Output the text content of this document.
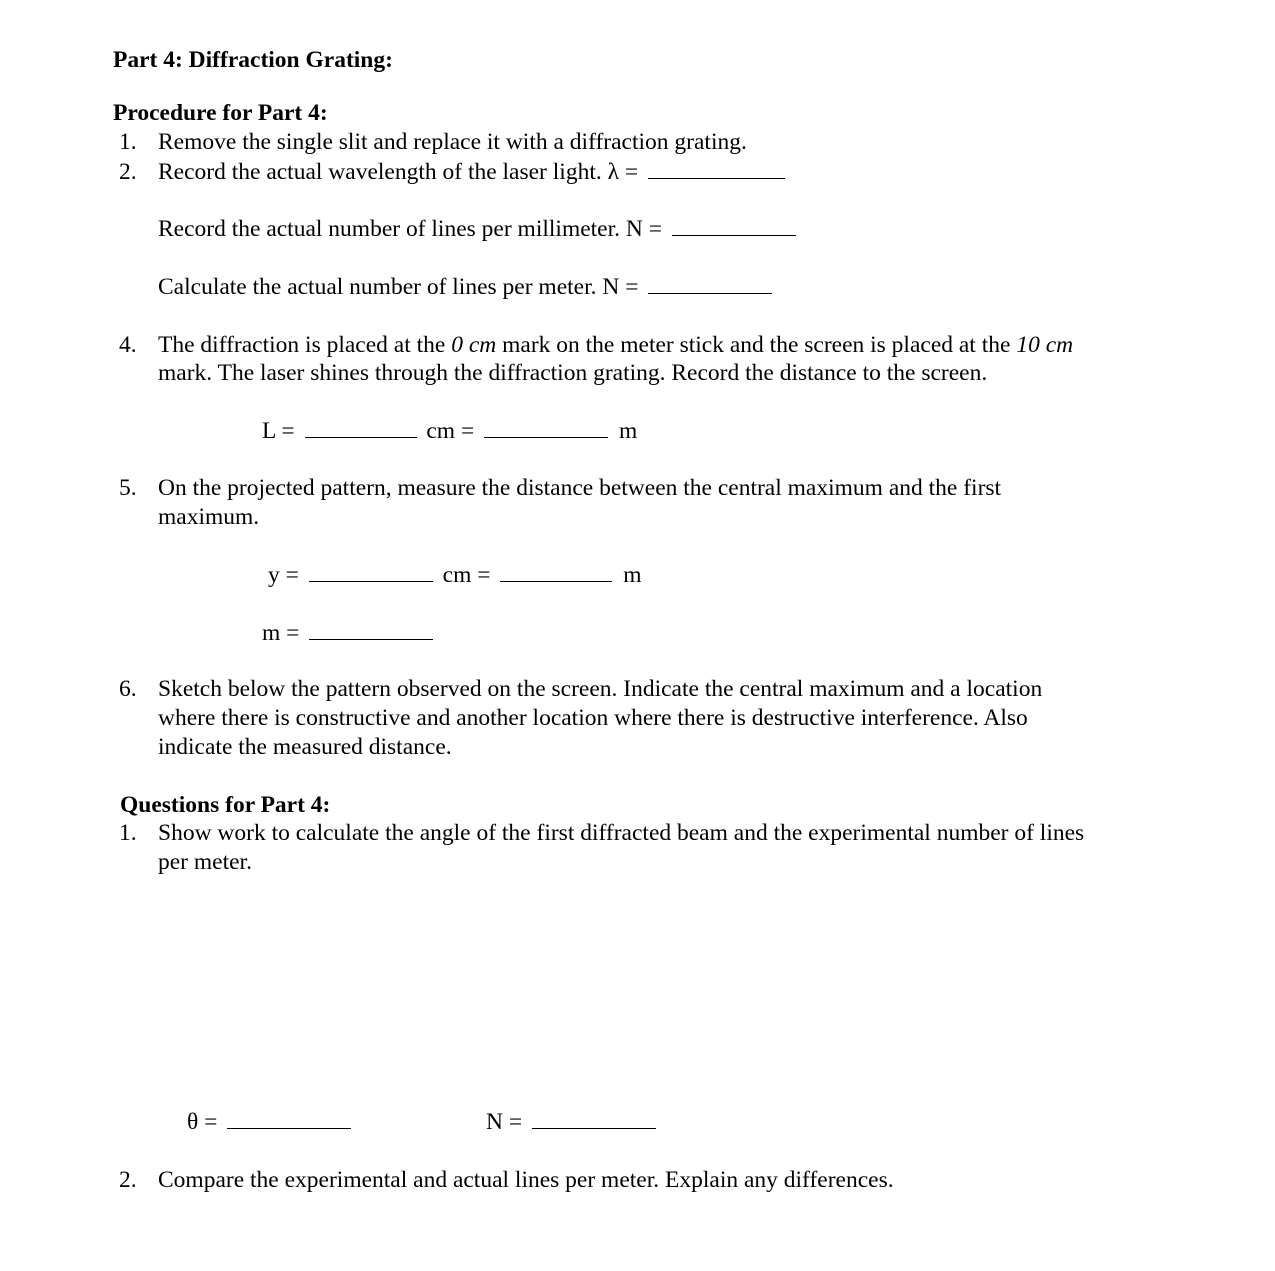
Part 4: Diffraction Grating:
Procedure for Part 4:
1. Remove the single slit and replace it with a diffraction grating.
2. Record the actual wavelength of the laser light. λ =
Record the actual number of lines per millimeter. N =
Calculate the actual number of lines per meter. N =
4. The diffraction is placed at the 0 cm mark on the meter stick and the screen is placed at the 10 cm
mark. The laser shines through the diffraction grating. Record the distance to the screen.
L =	cm =	m
5. On the projected pattern, measure the distance between the central maximum and the first
maximum.
y =	cm =	m
m =
6. Sketch below the pattern observed on the screen. Indicate the central maximum and a location
where there is constructive and another location where there is destructive interference. Also
indicate the measured distance.
Questions for Part 4:
1. Show work to calculate the angle of the first diffracted beam and the experimental number of lines
per meter.
θ =	N =
2. Compare the experimental and actual lines per meter. Explain any differences.
